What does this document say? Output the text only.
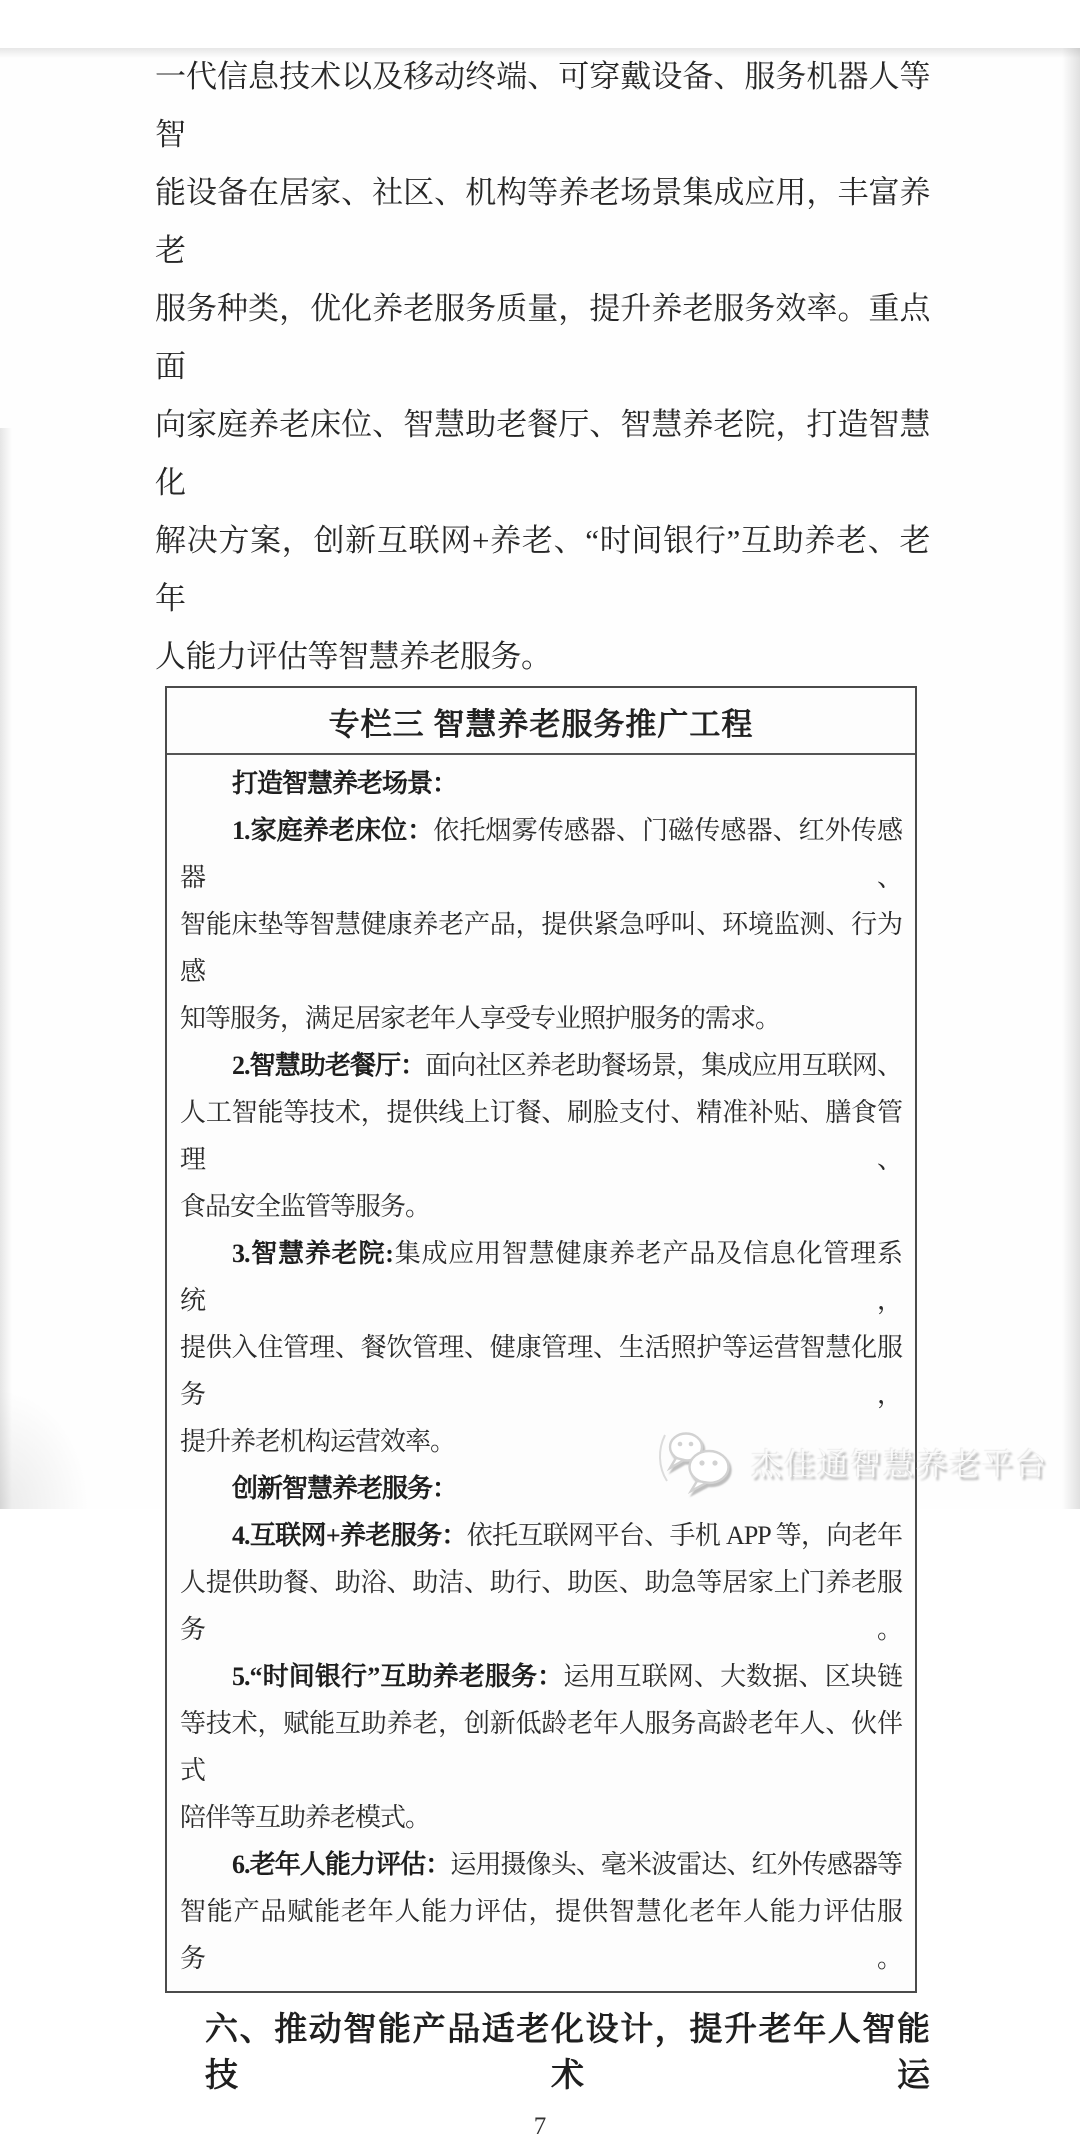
一代信息技术以及移动终端、可穿戴设备、服务机器人等智
能设备在居家、社区、机构等养老场景集成应用，丰富养老
服务种类，优化养老服务质量，提升养老服务效率。重点面
向家庭养老床位、智慧助老餐厅、智慧养老院，打造智慧化
解决方案，创新互联网+养老、“时间银行”互助养老、老年
人能力评估等智慧养老服务。
专栏三 智慧养老服务推广工程
打造智慧养老场景：
1.家庭养老床位：依托烟雾传感器、门磁传感器、红外传感器、
智能床垫等智慧健康养老产品，提供紧急呼叫、环境监测、行为感
知等服务，满足居家老年人享受专业照护服务的需求。
2.智慧助老餐厅：面向社区养老助餐场景，集成应用互联网、
人工智能等技术，提供线上订餐、刷脸支付、精准补贴、膳食管理、
食品安全监管等服务。
3.智慧养老院:集成应用智慧健康养老产品及信息化管理系统，
提供入住管理、餐饮管理、健康管理、生活照护等运营智慧化服务，
提升养老机构运营效率。
创新智慧养老服务：
4.互联网+养老服务：依托互联网平台、手机 APP 等，向老年
人提供助餐、助浴、助洁、助行、助医、助急等居家上门养老服务。
5.“时间银行”互助养老服务：运用互联网、大数据、区块链
等技术，赋能互助养老，创新低龄老年人服务高龄老年人、伙伴式
陪伴等互助养老模式。
6.老年人能力评估：运用摄像头、毫米波雷达、红外传感器等
智能产品赋能老年人能力评估，提供智慧化老年人能力评估服务。
六、推动智能产品适老化设计，提升老年人智能技术运
7
杰佳通智慧养老平台
